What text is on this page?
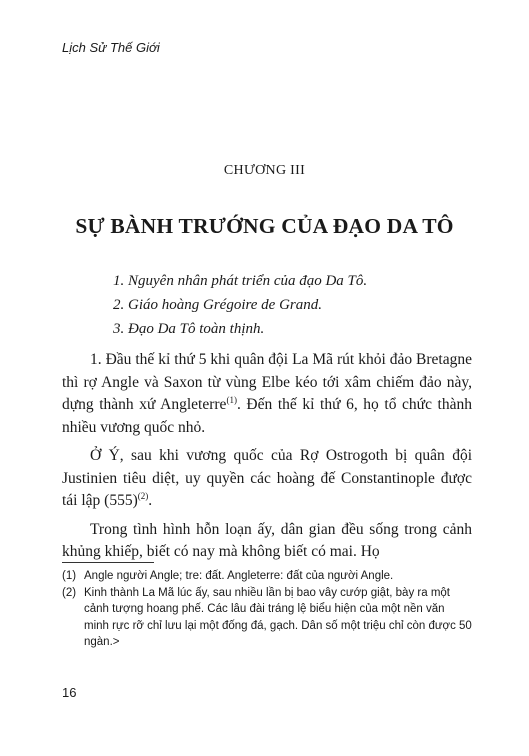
Lịch Sử Thế Giới
CHƯƠNG III
SỰ BÀNH TRƯỚNG CỦA ĐẠO DA TÔ
1. Nguyên nhân phát triển của đạo Da Tô.
2. Giáo hoàng Grégoire de Grand.
3. Đạo Da Tô toàn thịnh.

1. Đầu thế kỉ thứ 5 khi quân đội La Mã rút khỏi đảo Bretagne thì rợ Angle và Saxon từ vùng Elbe kéo tới xâm chiếm đảo này, dựng thành xứ Angleterre$^{(1)}$. Đến thế kỉ thứ 6, họ tổ chức thành nhiều vương quốc nhỏ.

Ở Ý, sau khi vương quốc của Rợ Ostrogoth bị quân đội Justinien tiêu diệt, uy quyền các hoàng đế Constantinople được tái lập $(555)^{(2)}$.

Trong tình hình hỗn loạn ấy, dân gian đều sống trong cảnh khủng khiếp, biết có nay mà không biết có mai. Họ

(1) Angle người Angle; tre: đất. Angleterre: đất của người Angle.
(2) Kinh thành La Mã lúc ấy, sau nhiều lần bị bao vây cướp giật, bày ra một cảnh tượng hoang phế. Các lâu đài tráng lệ biểu hiện của một nền văn minh rực rỡ chỉ lưu lại một đống đá, gạch. Dân số một triệu chỉ còn được 50 ngàn.>
16
